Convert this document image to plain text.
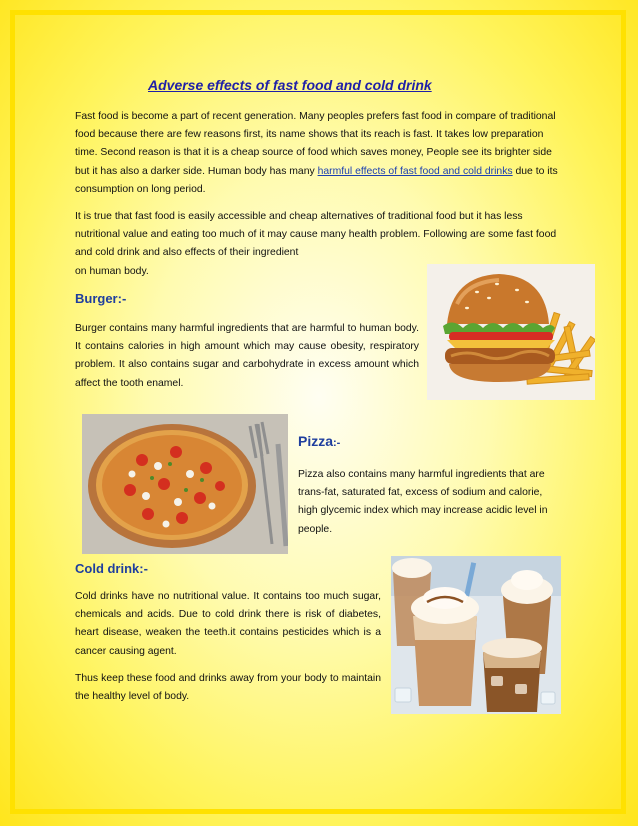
Adverse effects of fast food and cold drink
Fast food is become a part of recent generation. Many peoples prefers fast food in compare of traditional food because there are few reasons first, its name shows that its reach is fast. It takes low preparation time. Second reason is that it is a cheap source of food which saves money, People see its brighter side but it has also a darker side. Human body has many harmful effects of fast food and cold drinks due to its consumption on long period.
It is true that fast food is easily accessible and cheap alternatives of traditional food but it has less nutritional value and eating too much of it may cause many health problem. Following are some fast food and cold drink and also effects of their ingredient
on human body.
Burger:-
Burger contains many harmful ingredients that are harmful to human body. It contains calories in high amount which may cause obesity, respiratory problem. It also contains sugar and carbohydrate in excess amount which affect the tooth enamel.
Pizza:-
Pizza also contains many harmful ingredients that are trans-fat, saturated fat, excess of sodium and calorie, high glycemic index which may increase acidic level in people.
Cold drink:-
Cold drinks have no nutritional value. It contains too much sugar, chemicals and acids. Due to cold drink there is risk of diabetes, heart disease, weaken the teeth.it contains pesticides which is a cancer causing agent.
Thus keep these food and drinks away from your body to maintain the healthy level of body.
